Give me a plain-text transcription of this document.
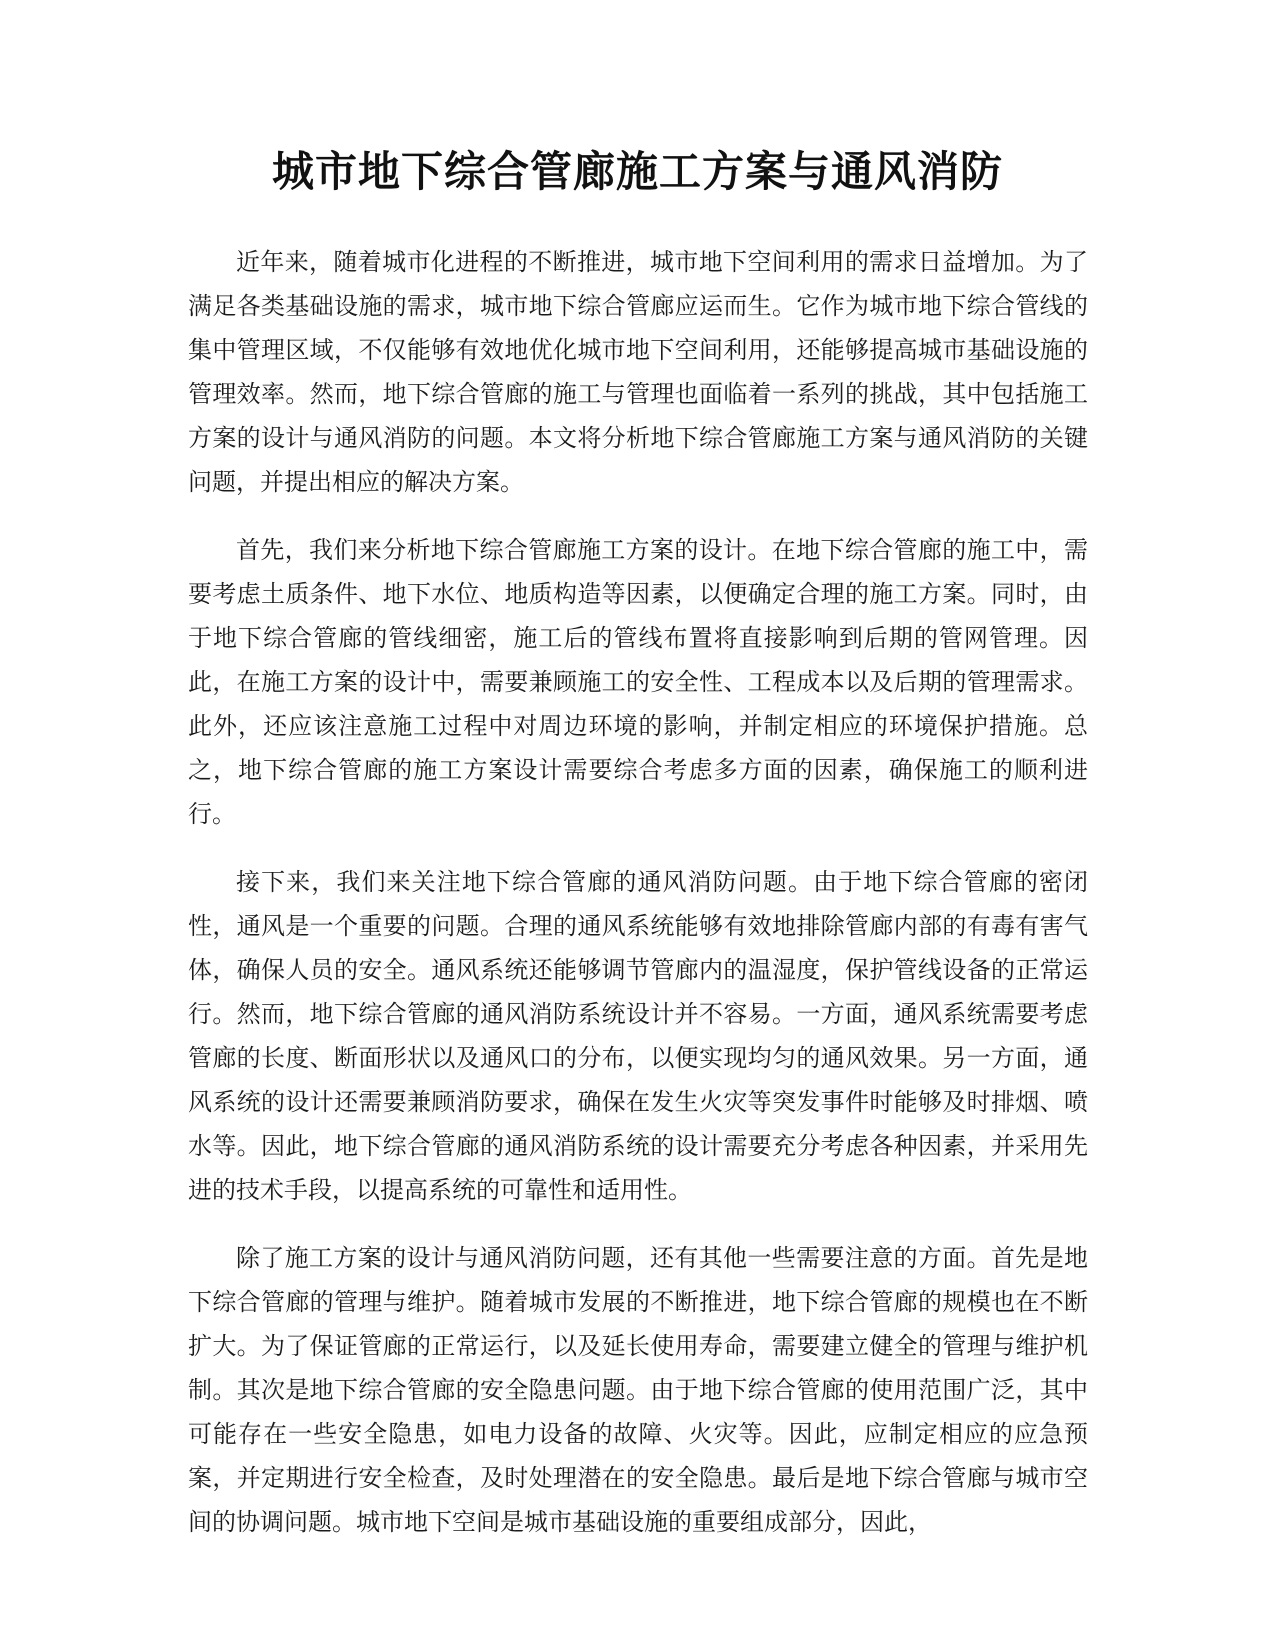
城市地下综合管廊施工方案与通风消防

近年来，随着城市化进程的不断推进，城市地下空间利用的需求日益增加。为了满足各类基础设施的需求，城市地下综合管廊应运而生。它作为城市地下综合管线的集中管理区域，不仅能够有效地优化城市地下空间利用，还能够提高城市基础设施的管理效率。然而，地下综合管廊的施工与管理也面临着一系列的挑战，其中包括施工方案的设计与通风消防的问题。本文将分析地下综合管廊施工方案与通风消防的关键问题，并提出相应的解决方案。

首先，我们来分析地下综合管廊施工方案的设计。在地下综合管廊的施工中，需要考虑土质条件、地下水位、地质构造等因素，以便确定合理的施工方案。同时，由于地下综合管廊的管线细密，施工后的管线布置将直接影响到后期的管网管理。因此，在施工方案的设计中，需要兼顾施工的安全性、工程成本以及后期的管理需求。此外，还应该注意施工过程中对周边环境的影响，并制定相应的环境保护措施。总之，地下综合管廊的施工方案设计需要综合考虑多方面的因素，确保施工的顺利进行。

接下来，我们来关注地下综合管廊的通风消防问题。由于地下综合管廊的密闭性，通风是一个重要的问题。合理的通风系统能够有效地排除管廊内部的有毒有害气体，确保人员的安全。通风系统还能够调节管廊内的温湿度，保护管线设备的正常运行。然而，地下综合管廊的通风消防系统设计并不容易。一方面，通风系统需要考虑管廊的长度、断面形状以及通风口的分布，以便实现均匀的通风效果。另一方面，通风系统的设计还需要兼顾消防要求，确保在发生火灾等突发事件时能够及时排烟、喷水等。因此，地下综合管廊的通风消防系统的设计需要充分考虑各种因素，并采用先进的技术手段，以提高系统的可靠性和适用性。

除了施工方案的设计与通风消防问题，还有其他一些需要注意的方面。首先是地下综合管廊的管理与维护。随着城市发展的不断推进，地下综合管廊的规模也在不断扩大。为了保证管廊的正常运行，以及延长使用寿命，需要建立健全的管理与维护机制。其次是地下综合管廊的安全隐患问题。由于地下综合管廊的使用范围广泛，其中可能存在一些安全隐患，如电力设备的故障、火灾等。因此，应制定相应的应急预案，并定期进行安全检查，及时处理潜在的安全隐患。最后是地下综合管廊与城市空间的协调问题。城市地下空间是城市基础设施的重要组成部分，因此，
